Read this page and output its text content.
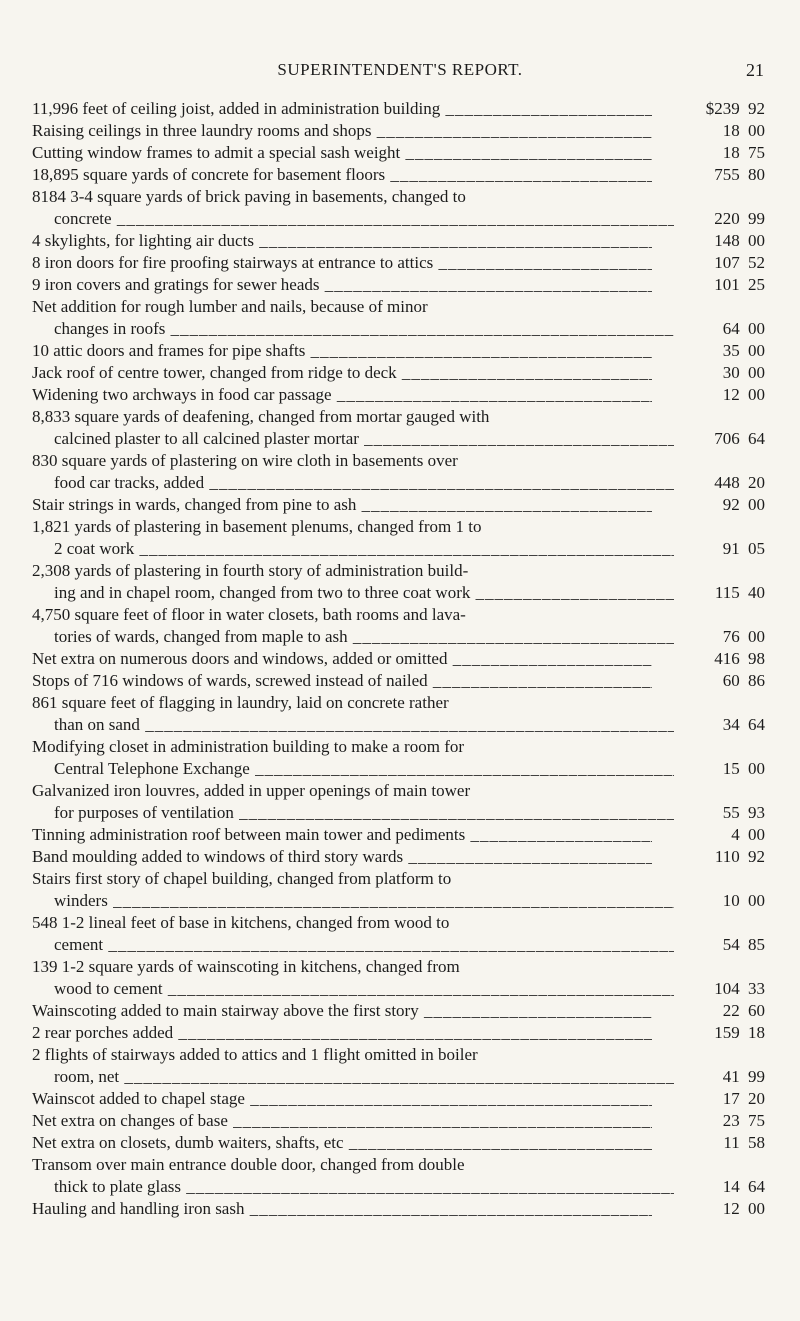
SUPERINTENDENT'S REPORT.	21
11,996 feet of ceiling joist, added in administration building _____	$239 92
Raising ceilings in three laundry rooms and shops _____	18 00
Cutting window frames to admit a special sash weight _____	18 75
18,895 square yards of concrete for basement floors _____	755 80
8184 3-4 square yards of brick paving in basements, changed to
concrete _____	220 99
4 skylights, for lighting air ducts _____	148 00
8 iron doors for fire proofing stairways at entrance to attics _____	107 52
9 iron covers and gratings for sewer heads _____	101 25
Net addition for rough lumber and nails, because of minor
changes in roofs _____	64 00
10 attic doors and frames for pipe shafts _____	35 00
Jack roof of centre tower, changed from ridge to deck _____	30 00
Widening two archways in food car passage _____	12 00
8,833 square yards of deafening, changed from mortar gauged with
calcined plaster to all calcined plaster mortar _____	706 64
830 square yards of plastering on wire cloth in basements over
food car tracks, added _____	448 20
Stair strings in wards, changed from pine to ash _____	92 00
1,821 yards of plastering in basement plenums, changed from 1 to
2 coat work _____	91 05
2,308 yards of plastering in fourth story of administration build-
ing and in chapel room, changed from two to three coat work _____	115 40
4,750 square feet of floor in water closets, bath rooms and lava-
tories of wards, changed from maple to ash _____	76 00
Net extra on numerous doors and windows, added or omitted _____	416 98
Stops of 716 windows of wards, screwed instead of nailed _____	60 86
861 square feet of flagging in laundry, laid on concrete rather
than on sand _____	34 64
Modifying closet in administration building to make a room for
Central Telephone Exchange _____	15 00
Galvanized iron louvres, added in upper openings of main tower
for purposes of ventilation _____	55 93
Tinning administration roof between main tower and pediments _____	4 00
Band moulding added to windows of third story wards _____	110 92
Stairs first story of chapel building, changed from platform to
winders _____	10 00
548 1-2 lineal feet of base in kitchens, changed from wood to
cement _____	54 85
139 1-2 square yards of wainscoting in kitchens, changed from
wood to cement _____	104 33
Wainscoting added to main stairway above the first story _____	22 60
2 rear porches added _____	159 18
2 flights of stairways added to attics and 1 flight omitted in boiler
room, net _____	41 99
Wainscot added to chapel stage _____	17 20
Net extra on changes of base _____	23 75
Net extra on closets, dumb waiters, shafts, etc _____	11 58
Transom over main entrance double door, changed from double
thick to plate glass _____	14 64
Hauling and handling iron sash _____	12 00
